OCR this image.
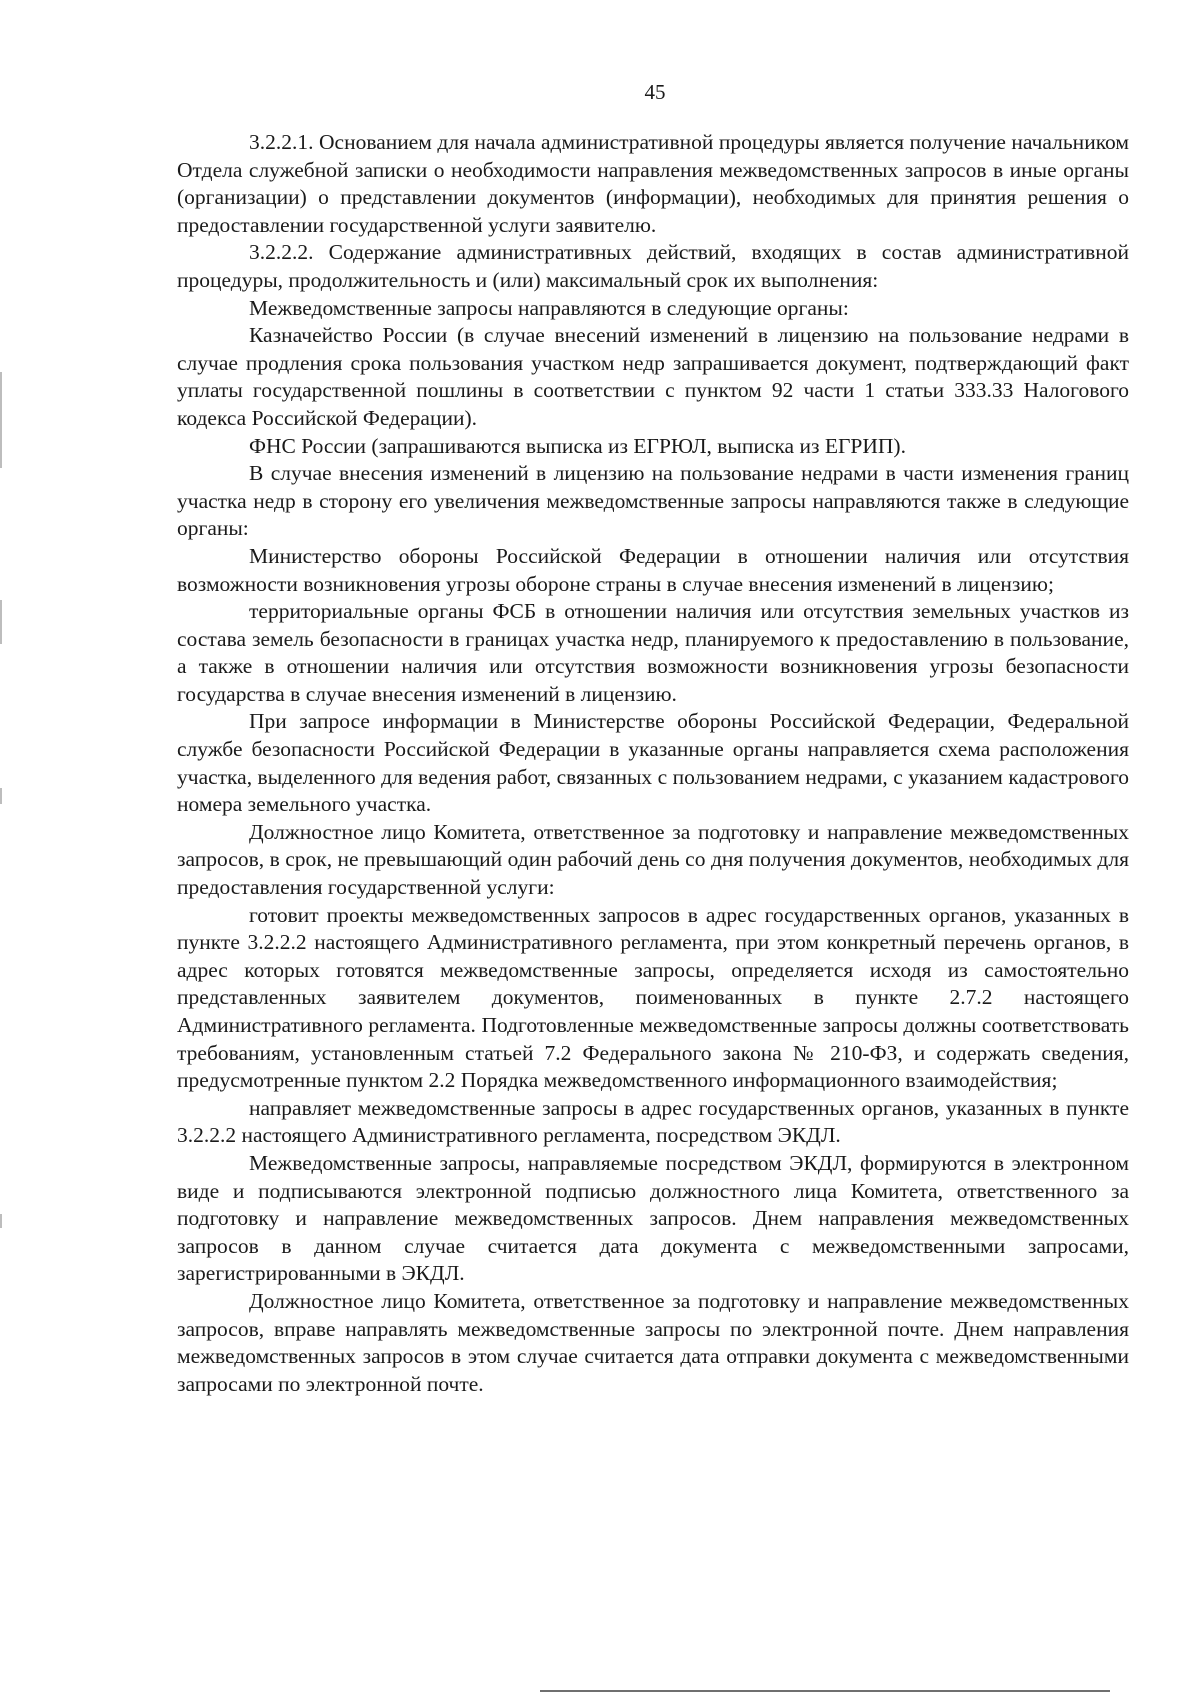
45

3.2.2.1. Основанием для начала административной процедуры является получение начальником Отдела служебной записки о необходимости направления межведомственных запросов в иные органы (организации) о представлении документов (информации), необходимых для принятия решения о предоставлении государственной услуги заявителю.

3.2.2.2. Содержание административных действий, входящих в состав административной процедуры, продолжительность и (или) максимальный срок их выполнения:

Межведомственные запросы направляются в следующие органы:

Казначейство России (в случае внесений изменений в лицензию на пользование недрами в случае продления срока пользования участком недр запрашивается документ, подтверждающий факт уплаты государственной пошлины в соответствии с пунктом 92 части 1 статьи 333.33 Налогового кодекса Российской Федерации).

ФНС России (запрашиваются выписка из ЕГРЮЛ, выписка из ЕГРИП).

В случае внесения изменений в лицензию на пользование недрами в части изменения границ участка недр в сторону его увеличения межведомственные запросы направляются также в следующие органы:

Министерство обороны Российской Федерации в отношении наличия или отсутствия возможности возникновения угрозы обороне страны в случае внесения изменений в лицензию;

территориальные органы ФСБ в отношении наличия или отсутствия земельных участков из состава земель безопасности в границах участка недр, планируемого к предоставлению в пользование, а также в отношении наличия или отсутствия возможности возникновения угрозы безопасности государства в случае внесения изменений в лицензию.

При запросе информации в Министерстве обороны Российской Федерации, Федеральной службе безопасности Российской Федерации в указанные органы направляется схема расположения участка, выделенного для ведения работ, связанных с пользованием недрами, с указанием кадастрового номера земельного участка.

Должностное лицо Комитета, ответственное за подготовку и направление межведомственных запросов, в срок, не превышающий один рабочий день со дня получения документов, необходимых для предоставления государственной услуги:

готовит проекты межведомственных запросов в адрес государственных органов, указанных в пункте 3.2.2.2 настоящего Административного регламента, при этом конкретный перечень органов, в адрес которых готовятся межведомственные запросы, определяется исходя из самостоятельно представленных заявителем документов, поименованных в пункте 2.7.2 настоящего Административного регламента. Подготовленные межведомственные запросы должны соответствовать требованиям, установленным статьей 7.2 Федерального закона № 210-ФЗ, и содержать сведения, предусмотренные пунктом 2.2 Порядка межведомственного информационного взаимодействия;

направляет межведомственные запросы в адрес государственных органов, указанных в пункте 3.2.2.2 настоящего Административного регламента, посредством ЭКДЛ.

Межведомственные запросы, направляемые посредством ЭКДЛ, формируются в электронном виде и подписываются электронной подписью должностного лица Комитета, ответственного за подготовку и направление межведомственных запросов. Днем направления межведомственных запросов в данном случае считается дата документа с межведомственными запросами, зарегистрированными в ЭКДЛ.

Должностное лицо Комитета, ответственное за подготовку и направление межведомственных запросов, вправе направлять межведомственные запросы по электронной почте. Днем направления межведомственных запросов в этом случае считается дата отправки документа с межведомственными запросами по электронной почте.
